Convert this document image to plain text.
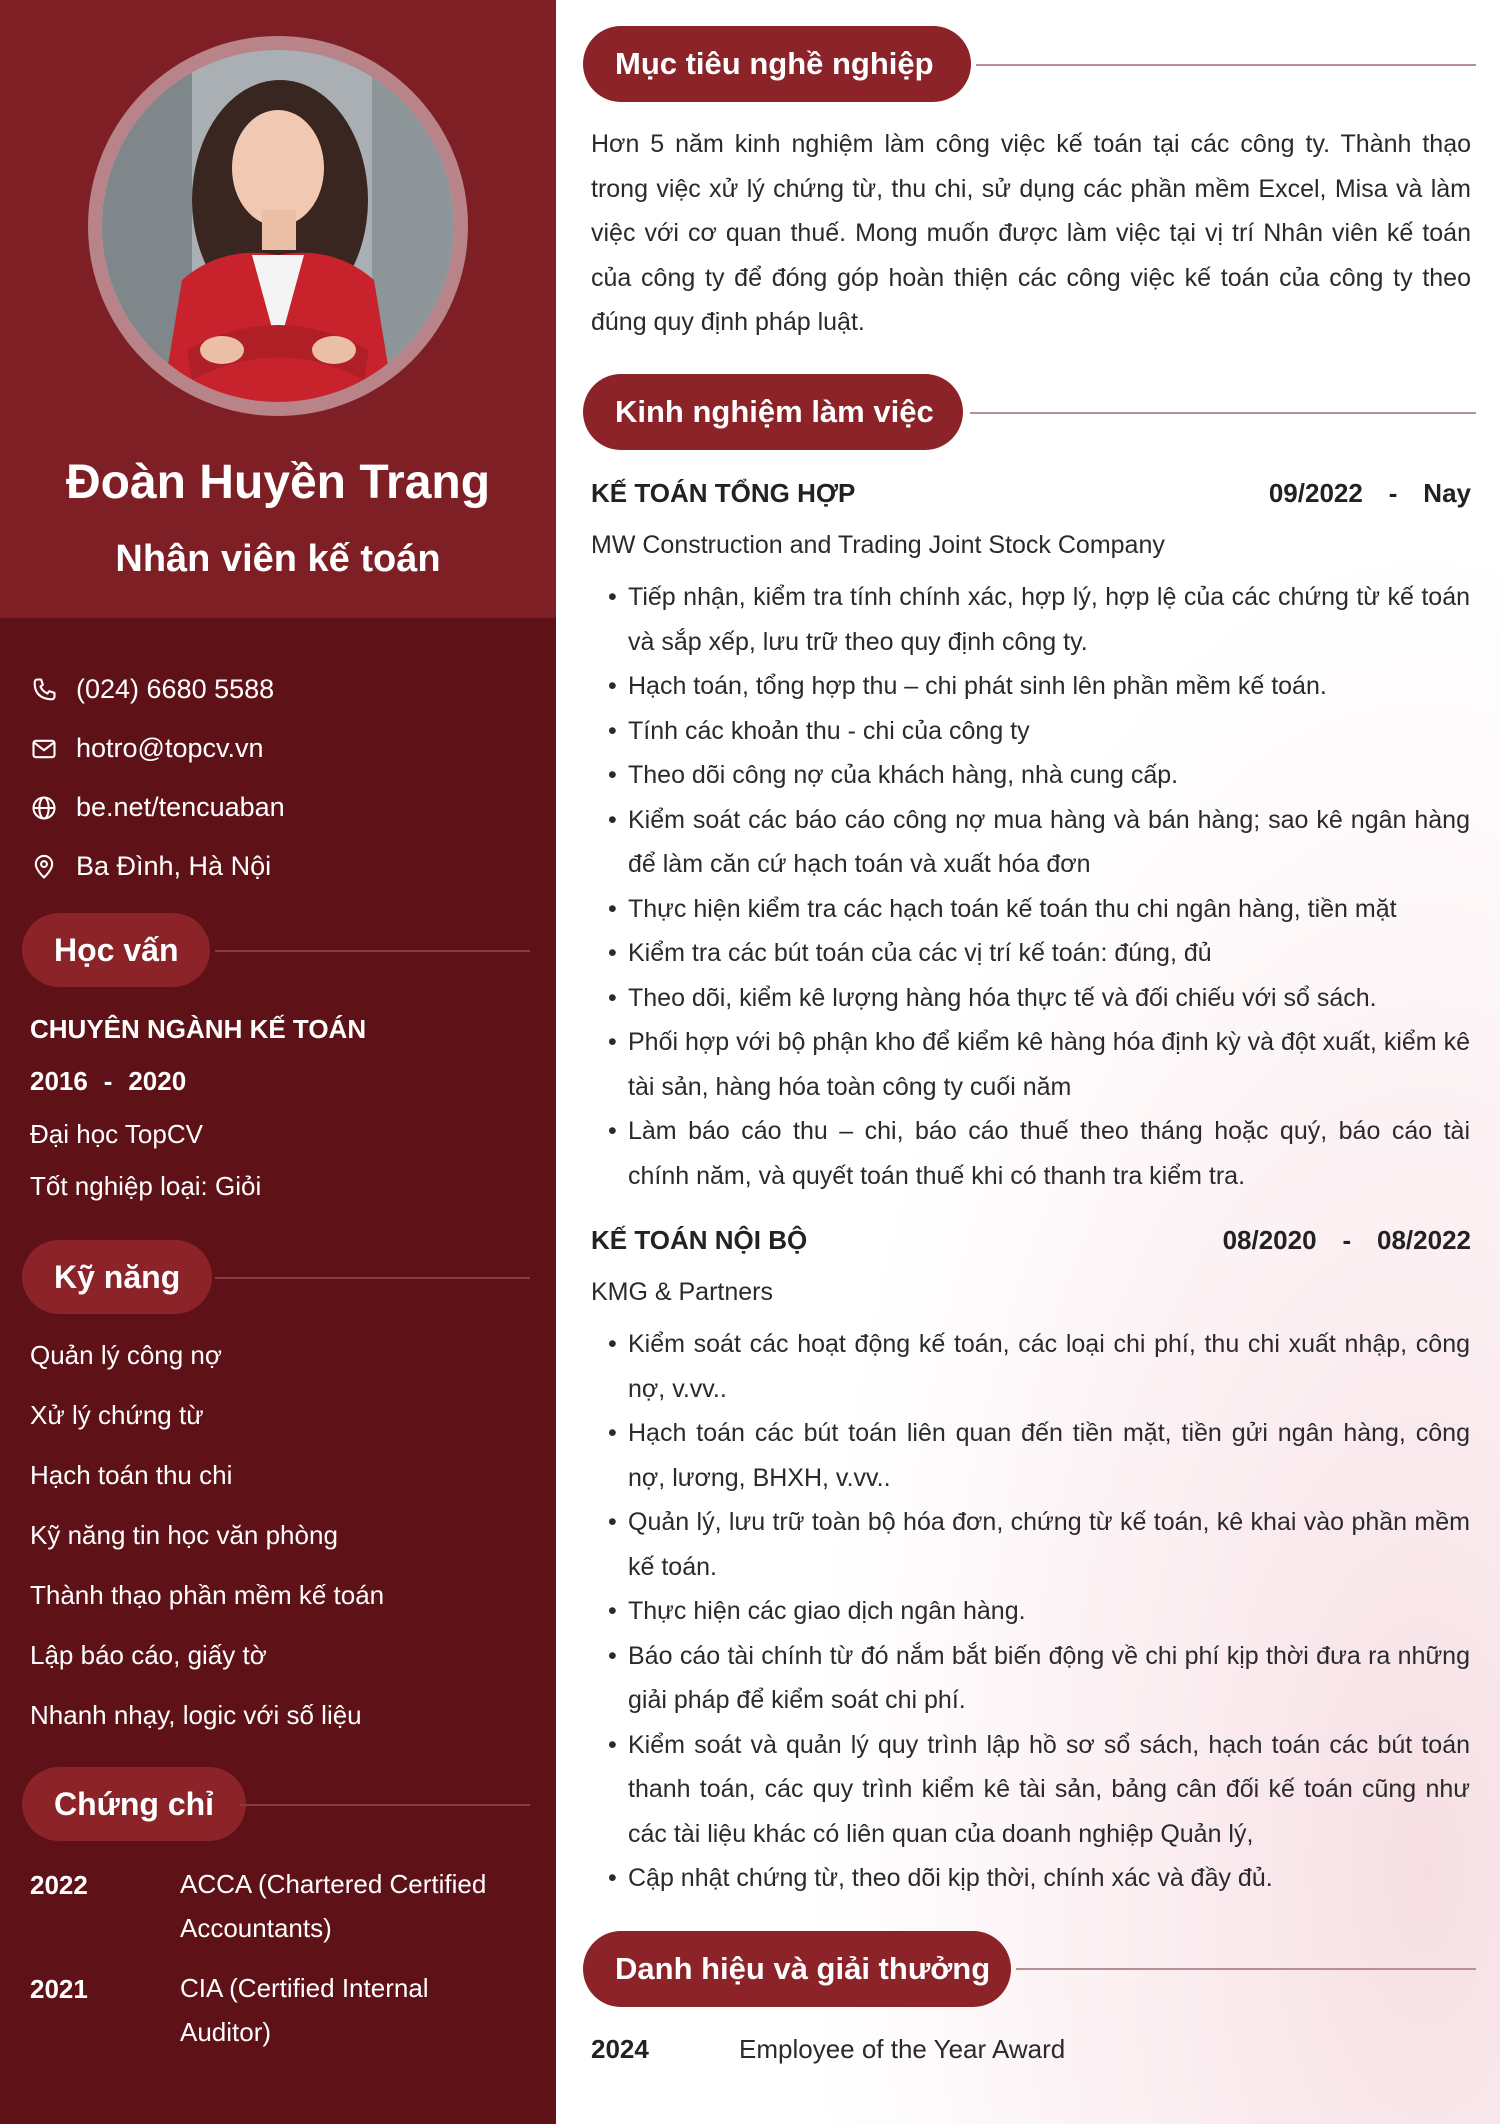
Đoàn Huyền Trang
Nhân viên kế toán
(024) 6680 5588
hotro@topcv.vn
be.net/tencuaban
Ba Đình, Hà Nội
Học vấn
CHUYÊN NGÀNH KẾ TOÁN
2016 - 2020
Đại học TopCV
Tốt nghiệp loại: Giỏi
Kỹ năng
Quản lý công nợ
Xử lý chứng từ
Hạch toán thu chi
Kỹ năng tin học văn phòng
Thành thạo phần mềm kế toán
Lập báo cáo, giấy tờ
Nhanh nhạy, logic với số liệu
Chứng chỉ
2022	ACCA (Chartered Certified Accountants)
2021	CIA (Certified Internal Auditor)
Mục tiêu nghề nghiệp
Hơn 5 năm kinh nghiệm làm công việc kế toán tại các công ty. Thành thạo trong việc xử lý chứng từ, thu chi, sử dụng các phần mềm Excel, Misa và làm việc với cơ quan thuế. Mong muốn được làm việc tại vị trí Nhân viên kế toán của công ty để đóng góp hoàn thiện các công việc kế toán của công ty theo đúng quy định pháp luật.
Kinh nghiệm làm việc
KẾ TOÁN TỔNG HỢP	09/2022 - Nay
MW Construction and Trading Joint Stock Company
• Tiếp nhận, kiểm tra tính chính xác, hợp lý, hợp lệ của các chứng từ kế toán và sắp xếp, lưu trữ theo quy định công ty.
• Hạch toán, tổng hợp thu – chi phát sinh lên phần mềm kế toán.
• Tính các khoản thu - chi của công ty
• Theo dõi công nợ của khách hàng, nhà cung cấp.
• Kiểm soát các báo cáo công nợ mua hàng và bán hàng; sao kê ngân hàng để làm căn cứ hạch toán và xuất hóa đơn
• Thực hiện kiểm tra các hạch toán kế toán thu chi ngân hàng, tiền mặt
• Kiểm tra các bút toán của các vị trí kế toán: đúng, đủ
• Theo dõi, kiểm kê lượng hàng hóa thực tế và đối chiếu với sổ sách.
• Phối hợp với bộ phận kho để kiểm kê hàng hóa định kỳ và đột xuất, kiểm kê tài sản, hàng hóa toàn công ty cuối năm
• Làm báo cáo thu – chi, báo cáo thuế theo tháng hoặc quý, báo cáo tài chính năm, và quyết toán thuế khi có thanh tra kiểm tra.
KẾ TOÁN NỘI BỘ	08/2020 - 08/2022
KMG & Partners
• Kiểm soát các hoạt động kế toán, các loại chi phí, thu chi xuất nhập, công nợ, v.vv..
• Hạch toán các bút toán liên quan đến tiền mặt, tiền gửi ngân hàng, công nợ, lương, BHXH, v.vv..
• Quản lý, lưu trữ toàn bộ hóa đơn, chứng từ kế toán, kê khai vào phần mềm kế toán.
• Thực hiện các giao dịch ngân hàng.
• Báo cáo tài chính từ đó nắm bắt biến động về chi phí kịp thời đưa ra những giải pháp để kiểm soát chi phí.
• Kiểm soát và quản lý quy trình lập hồ sơ sổ sách, hạch toán các bút toán thanh toán, các quy trình kiểm kê tài sản, bảng cân đối kế toán cũng như các tài liệu khác có liên quan của doanh nghiệp Quản lý,
• Cập nhật chứng từ, theo dõi kịp thời, chính xác và đầy đủ.
Danh hiệu và giải thưởng
2024	Employee of the Year Award
